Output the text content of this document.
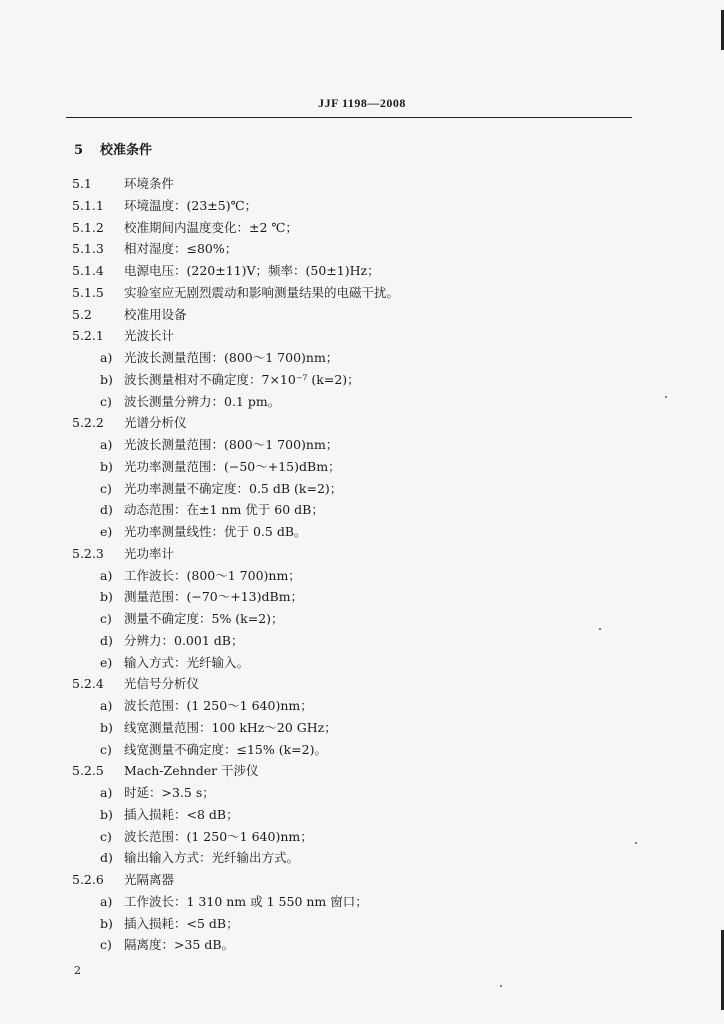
JJF 1198—2008
5 校准条件
5.1	环境条件
5.1.1 环境温度：(23±5)℃；
5.1.2 校准期间内温度变化：±2 ℃；
5.1.3 相对湿度：≤80%；
5.1.4 电源电压：(220±11)V；频率：(50±1)Hz；
5.1.5 实验室应无剧烈震动和影响测量结果的电磁干扰。
5.2	校准用设备
5.2.1 光波长计
a) 光波长测量范围：(800～1 700)nm；
b) 波长测量相对不确定度：7×10⁻⁷ (k=2)；
c) 波长测量分辨力：0.1 pm。
5.2.2 光谱分析仪
a) 光波长测量范围：(800～1 700)nm；
b) 光功率测量范围：(−50～+15)dBm；
c) 光功率测量不确定度：0.5 dB (k=2)；
d) 动态范围：在±1 nm 优于 60 dB；
e) 光功率测量线性：优于 0.5 dB。
5.2.3 光功率计
a) 工作波长：(800～1 700)nm；
b) 测量范围：(−70～+13)dBm；
c) 测量不确定度：5% (k=2)；
d) 分辨力：0.001 dB；
e) 输入方式：光纤输入。
5.2.4 光信号分析仪
a) 波长范围：(1 250～1 640)nm；
b) 线宽测量范围：100 kHz～20 GHz；
c) 线宽测量不确定度：≤15% (k=2)。
5.2.5 Mach-Zehnder 干涉仪
a) 时延：>3.5 s；
b) 插入损耗：<8 dB；
c) 波长范围：(1 250～1 640)nm；
d) 输出输入方式：光纤输出方式。
5.2.6 光隔离器
a) 工作波长：1 310 nm 或 1 550 nm 窗口；
b) 插入损耗：<5 dB；
c) 隔离度：>35 dB。
2
